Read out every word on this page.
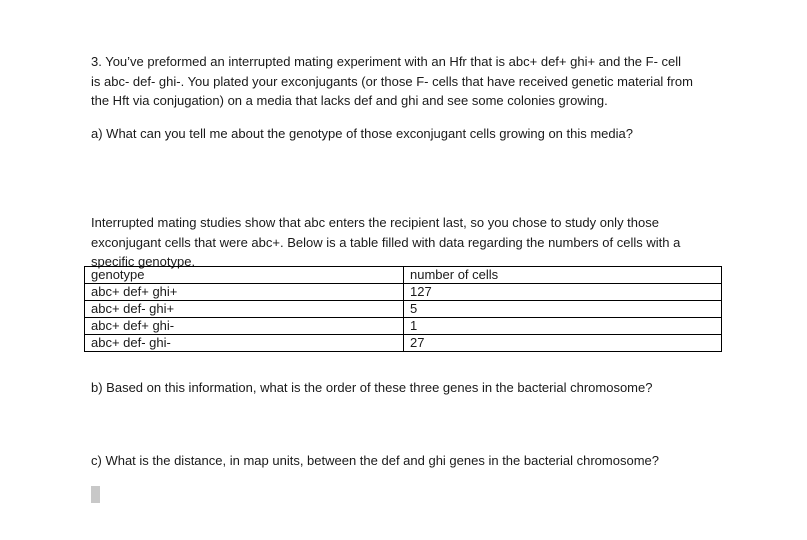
3. You’ve preformed an interrupted mating experiment with an Hfr that is abc+ def+ ghi+ and the F- cell
is abc- def- ghi-. You plated your exconjugants (or those F- cells that have received genetic material from
the Hft via conjugation) on a media that lacks def and ghi and see some colonies growing.
a) What can you tell me about the genotype of those exconjugant cells growing on this media?
Interrupted mating studies show that abc enters the recipient last, so you chose to study only those
exconjugant cells that were abc+. Below is a table filled with data regarding the numbers of cells with a
specific genotype.
genotype	number of cells
abc+ def+ ghi+	127
abc+ def- ghi+	5
abc+ def+ ghi-	1
abc+ def- ghi-	27
b) Based on this information, what is the order of these three genes in the bacterial chromosome?
c) What is the distance, in map units, between the def and ghi genes in the bacterial chromosome?
